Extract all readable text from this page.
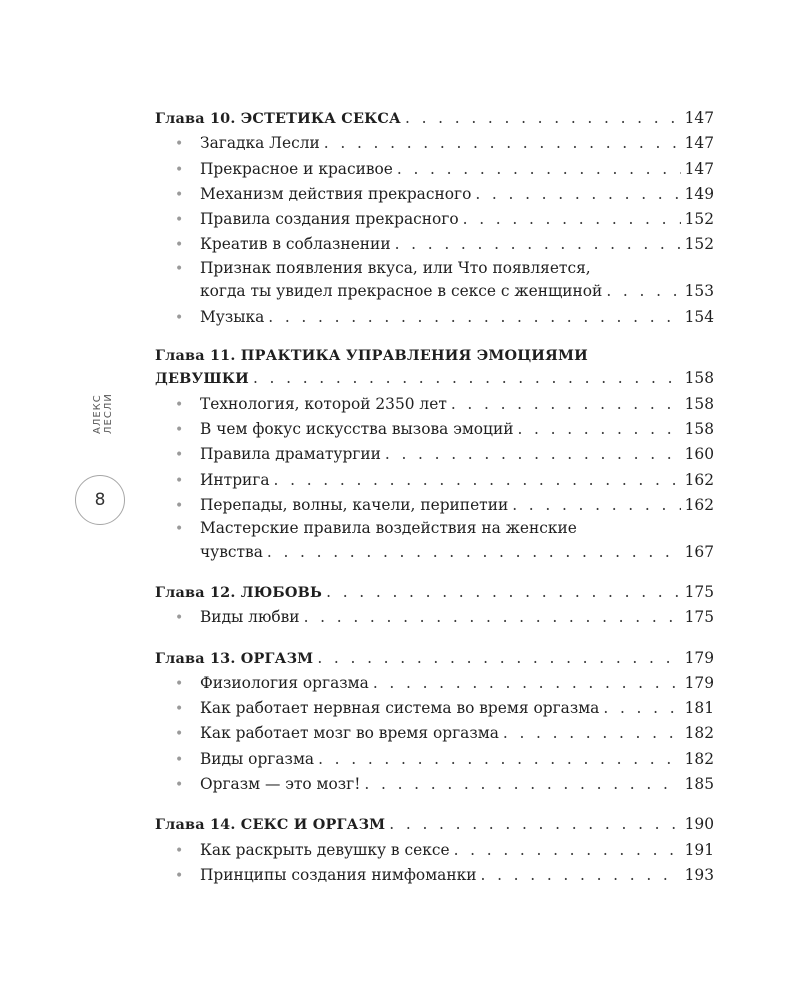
АЛЕКС ЛЕСЛИ
8
Глава 10. ЭСТЕТИКА СЕКСА . . .	147
•	Загадка Лесли . . .	147
•	Прекрасное и красивое . . .	147
•	Механизм действия прекрасного . . .	149
•	Правила создания прекрасного . . .	152
•	Креатив в соблазнении . . .	152
•	Признак появления вкуса, или Что появляется,
когда ты увидел прекрасное в сексе с женщиной . . .	153
•	Музыка . . .	154
Глава 11. ПРАКТИКА УПРАВЛЕНИЯ ЭМОЦИЯМИ
ДЕВУШКИ . . .	158
•	Технология, которой 2350 лет . . .	158
•	В чем фокус искусства вызова эмоций . . .	158
•	Правила драматургии . . .	160
•	Интрига . . .	162
•	Перепады, волны, качели, перипетии . . .	162
•	Мастерские правила воздействия на женские
чувства . . .	167
Глава 12. ЛЮБОВЬ . . .	175
•	Виды любви . . .	175
Глава 13. ОРГАЗМ . . .	179
•	Физиология оргазма . . .	179
•	Как работает нервная система во время оргазма . . .	181
•	Как работает мозг во время оргазма . . .	182
•	Виды оргазма . . .	182
•	Оргазм — это мозг! . . .	185
Глава 14. СЕКС И ОРГАЗМ . . .	190
•	Как раскрыть девушку в сексе . . .	191
•	Принципы создания нимфоманки . . .	193
